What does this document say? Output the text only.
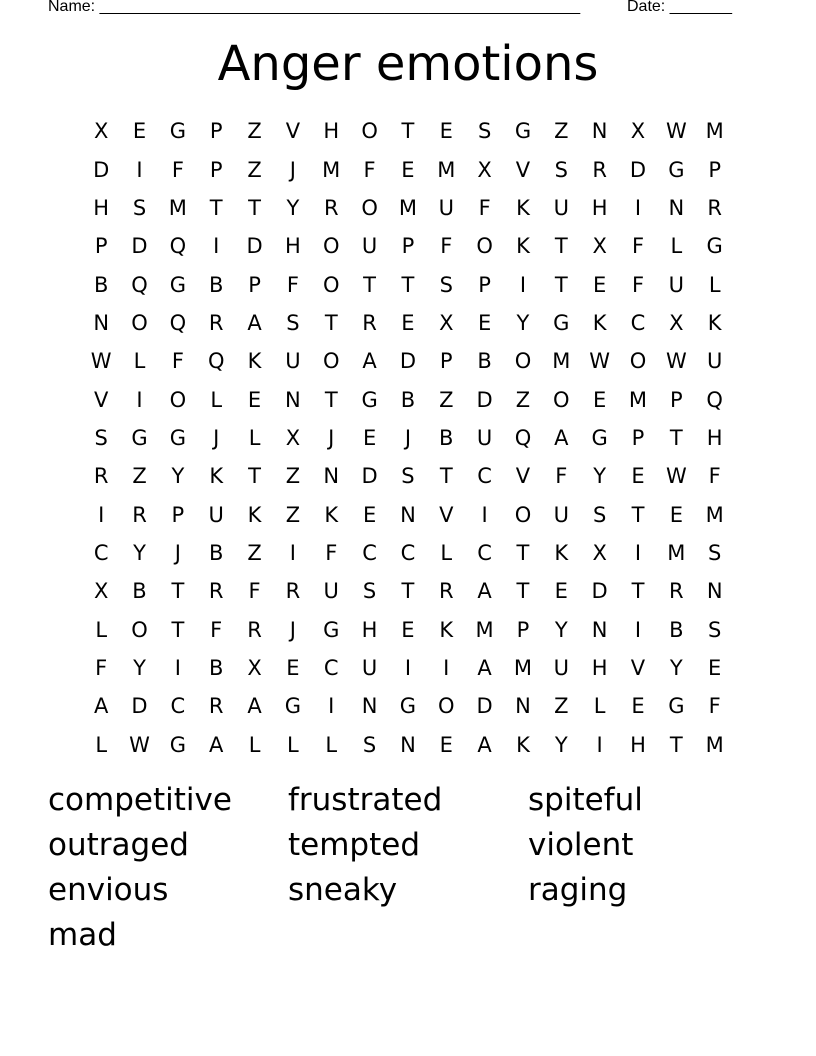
Name: ______________________________________________________	Date: _______
Anger emotions
X	E	G	P	Z	V	H	O	T	E	S	G	Z	N	X W M
D	I	F	P	Z	J	M	F	E	M	X	V	S	R	D	G	P
H	S	M	T	T	Y	R	O	M	U	F	K	U	H	I	N	R
P	D	Q	I	D	H	O	U	P	F	O	K	T	X	F	L	G
B	Q	G	B	P	F	O	T	T	S	P	I	T	E	F	U	L
N	O	Q	R	A	S	T	R	E	X	E	Y	G	K	C	X	K
W	L	F	Q	K	U	O	A	D	P	B	O	M W O W U
V	I	O	L	E	N	T	G	B	Z	D	Z	O	E	M	P	Q
S	G	G	J	L	X	J	E	J	B	U	Q	A	G	P	T	H
R	Z	Y	K	T	Z	N	D	S	T	C	V	F	Y	E	W	F
I	R	P	U	K	Z	K	E	N	V	I	O	U	S	T	E	M
C	Y	J	B	Z	I	F	C	C	L	C	T	K	X	I	M	S
X	B	T	R	F	R	U	S	T	R	A	T	E	D	T	R	N
L	O	T	F	R	J	G	H	E	K	M	P	Y	N	I	B	S
F	Y	I	B	X	E	C	U	I	I	A	M	U	H	V	Y	E
A	D	C	R	A	G	I	N	G	O	D	N	Z	L	E	G	F
L	W G	A	L	L	L	S	N	E	A	K	Y	I	H	T	M
competitive	frustrated	spiteful
outraged	tempted	violent
envious	sneaky	raging
mad
